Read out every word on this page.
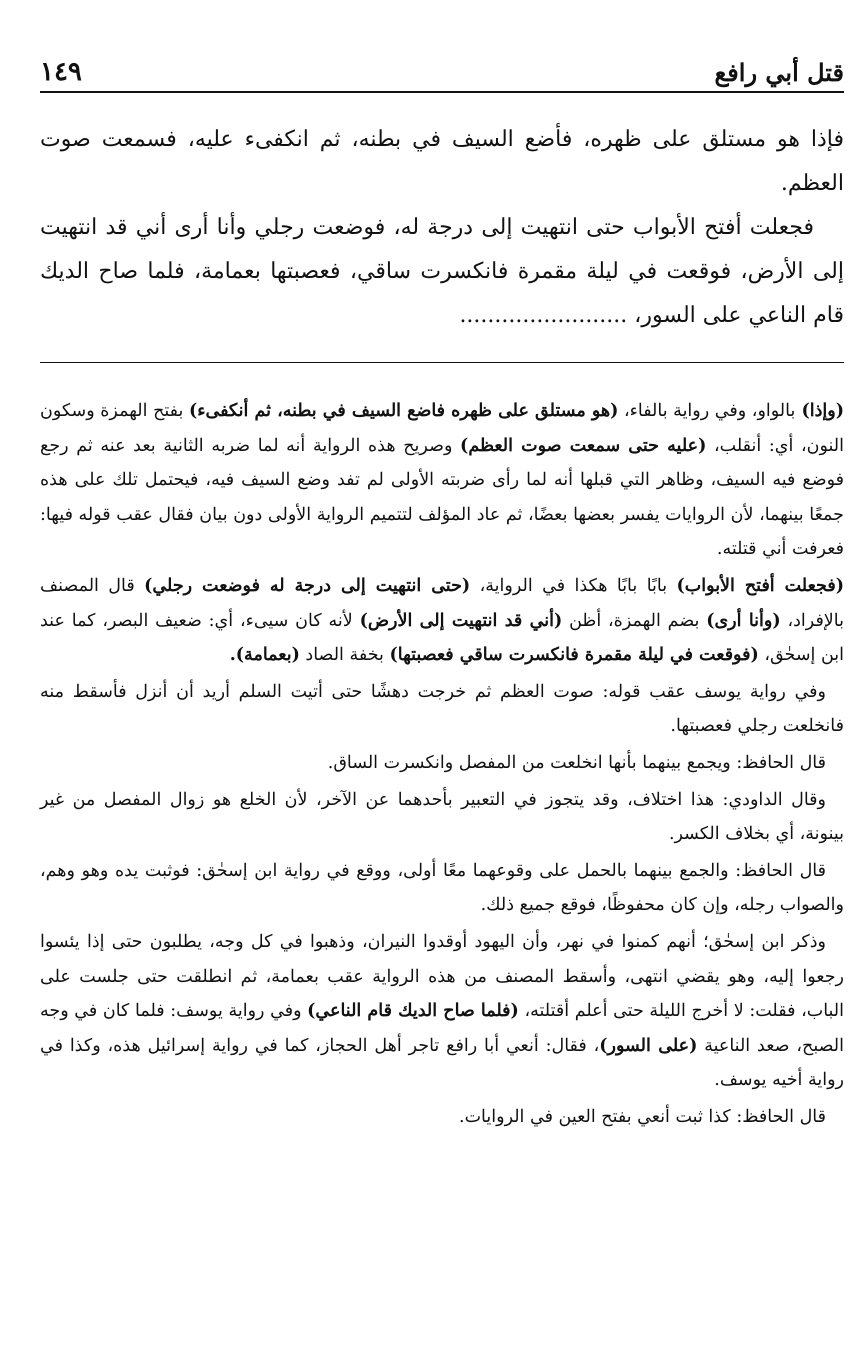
قتل أبي رافع
١٤٩

فإذا هو مستلق على ظهره، فأضع السيف في بطنه، ثم انكفىء عليه، فسمعت صوت العظم.

فجعلت أفتح الأبواب حتى انتهيت إلى درجة له، فوضعت رجلي وأنا أرى أني قد انتهيت إلى الأرض، فوقعت في ليلة مقمرة فانكسرت ساقي، فعصبتها بعمامة، فلما صاح الديك قام الناعي على السور، ........................

(وإذا) بالواو، وفي رواية بالفاء، (هو مستلق على ظهره فاضع السيف في بطنه، ثم أنكفىء) بفتح الهمزة وسكون النون، أي: أنقلب، (عليه حتى سمعت صوت العظم) وصريح هذه الرواية أنه لما ضربه الثانية بعد عنه ثم رجع فوضع فيه السيف، وظاهر التي قبلها أنه لما رأى ضربته الأولى لم تفد وضع السيف فيه، فيحتمل تلك على هذه جمعًا بينهما، لأن الروايات يفسر بعضها بعضًا، ثم عاد المؤلف لتتميم الرواية الأولى دون بيان فقال عقب قوله فيها: فعرفت أني قتلته.

(فجعلت أفتح الأبواب) بابًا بابًا هكذا في الرواية، (حتى انتهيت إلى درجة له فوضعت رجلي) قال المصنف بالإفراد، (وأنا أرى) بضم الهمزة، أظن (أني قد انتهيت إلى الأرض) لأنه كان سيىء، أي: ضعيف البصر، كما عند ابن إسحٰق، (فوقعت في ليلة مقمرة فانكسرت ساقي فعصبتها) بخفة الصاد (بعمامة).

وفي رواية يوسف عقب قوله: صوت العظم ثم خرجت دهشًا حتى أتيت السلم أريد أن أنزل فأسقط منه فانخلعت رجلي فعصبتها.

قال الحافظ: ويجمع بينهما بأنها انخلعت من المفصل وانكسرت الساق.

وقال الداودي: هذا اختلاف، وقد يتجوز في التعبير بأحدهما عن الآخر، لأن الخلع هو زوال المفصل من غير بينونة، أي بخلاف الكسر.

قال الحافظ: والجمع بينهما بالحمل على وقوعهما معًا أولى، ووقع في رواية ابن إسحٰق: فوثبت يده وهو وهم، والصواب رجله، وإن كان محفوظًا، فوقع جميع ذلك.

وذكر ابن إسحٰق؛ أنهم كمنوا في نهر، وأن اليهود أوقدوا النيران، وذهبوا في كل وجه، يطلبون حتى إذا يئسوا رجعوا إليه، وهو يقضي انتهى، وأسقط المصنف من هذه الرواية عقب بعمامة، ثم انطلقت حتى جلست على الباب، فقلت: لا أخرج الليلة حتى أعلم أقتلته، (فلما صاح الديك قام الناعي) وفي رواية يوسف: فلما كان في وجه الصبح، صعد الناعية (على السور)، فقال: أنعي أبا رافع تاجر أهل الحجاز، كما في رواية إسرائيل هذه، وكذا في رواية أخيه يوسف.

قال الحافظ: كذا ثبت أنعي بفتح العين في الروايات.
